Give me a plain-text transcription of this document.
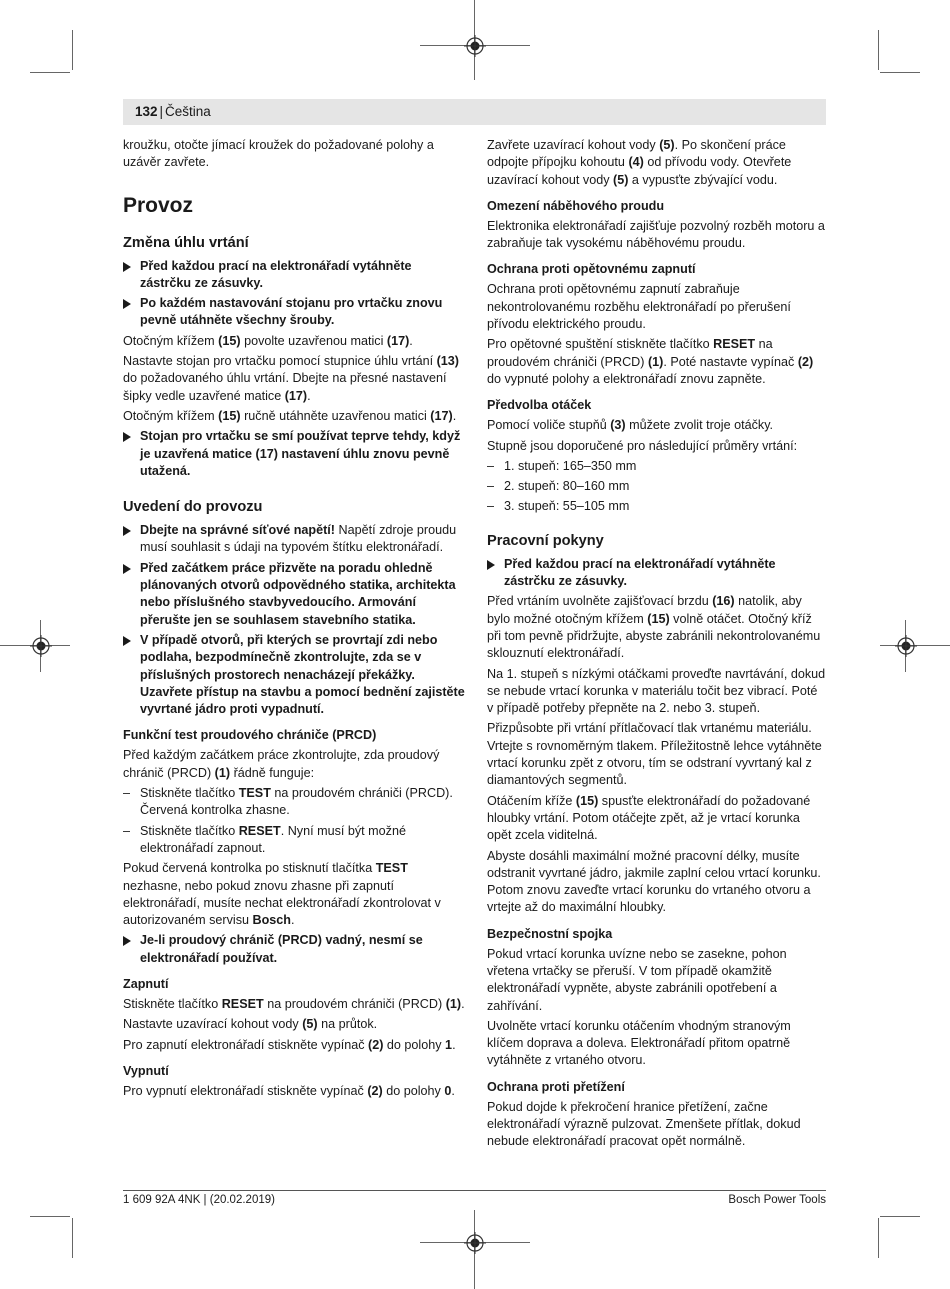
132 | Čeština

kroužku, otočte jímací kroužek do požadované polohy a uzávěr zavřete.

Provoz
Změna úhlu vrtání
Před každou prací na elektronářadí vytáhněte zástrčku ze zásuvky.
Po každém nastavování stojanu pro vrtačku znovu pevně utáhněte všechny šrouby.

Otočným křížem (15) povolte uzavřenou matici (17).

Nastavte stojan pro vrtačku pomocí stupnice úhlu vrtání (13) do požadovaného úhlu vrtání. Dbejte na přesné nastavení šipky vedle uzavřené matice (17).

Otočným křížem (15) ručně utáhněte uzavřenou matici (17).

Stojan pro vrtačku se smí používat teprve tehdy, když je uzavřená matice (17) nastavení úhlu znovu pevně utažená.
Uvedení do provozu
Dbejte na správné síťové napětí! Napětí zdroje proudu musí souhlasit s údaji na typovém štítku elektronářadí.
Před začátkem práce přizvěte na poradu ohledně plánovaných otvorů odpovědného statika, architekta nebo příslušného stavbyvedoucího. Armování přerušte jen se souhlasem stavebního statika.
V případě otvorů, při kterých se provrtají zdi nebo podlaha, bezpodmínečně zkontrolujte, zda se v příslušných prostorech nenacházejí překážky. Uzavřete přístup na stavbu a pomocí bednění zajistěte vyvrtané jádro proti vypadnutí.
Funkční test proudového chrániče (PRCD)

Před každým začátkem práce zkontrolujte, zda proudový chránič (PRCD) (1) řádně funguje:

– Stiskněte tlačítko TEST na proudovém chrániči (PRCD). Červená kontrolka zhasne.
– Stiskněte tlačítko RESET. Nyní musí být možné elektronářadí zapnout.

Pokud červená kontrolka po stisknutí tlačítka TEST nezhasne, nebo pokud znovu zhasne při zapnutí elektronářadí, musíte nechat elektronářadí zkontrolovat v autorizovaném servisu Bosch.

Je-li proudový chránič (PRCD) vadný, nesmí se elektronářadí používat.
Zapnutí

Stiskněte tlačítko RESET na proudovém chrániči (PRCD) (1).

Nastavte uzavírací kohout vody (5) na průtok.

Pro zapnutí elektronářadí stiskněte vypínač (2) do polohy 1.

Vypnutí

Pro vypnutí elektronářadí stiskněte vypínač (2) do polohy 0.

Zavřete uzavírací kohout vody (5). Po skončení práce odpojte přípojku kohoutu (4) od přívodu vody. Otevřete uzavírací kohout vody (5) a vypusťte zbývající vodu.

Omezení náběhového proudu

Elektronika elektronářadí zajišťuje pozvolný rozběh motoru a zabraňuje tak vysokému náběhovému proudu.

Ochrana proti opětovnému zapnutí

Ochrana proti opětovnému zapnutí zabraňuje nekontrolovanému rozběhu elektronářadí po přerušení přívodu elektrického proudu.

Pro opětovné spuštění stiskněte tlačítko RESET na proudovém chrániči (PRCD) (1). Poté nastavte vypínač (2) do vypnuté polohy a elektronářadí znovu zapněte.

Předvolba otáček

Pomocí voliče stupňů (3) můžete zvolit troje otáčky.

Stupně jsou doporučené pro následující průměry vrtání:

– 1. stupeň: 165–350 mm
– 2. stupeň: 80–160 mm
– 3. stupeň: 55–105 mm
Pracovní pokyny
Před každou prací na elektronářadí vytáhněte zástrčku ze zásuvky.

Před vrtáním uvolněte zajišťovací brzdu (16) natolik, aby bylo možné otočným křížem (15) volně otáčet. Otočný kříž při tom pevně přidržujte, abyste zabránili nekontrolovanému sklouznutí elektronářadí.

Na 1. stupeň s nízkými otáčkami proveďte navrtávání, dokud se nebude vrtací korunka v materiálu točit bez vibrací. Poté v případě potřeby přepněte na 2. nebo 3. stupeň.

Přizpůsobte při vrtání přítlačovací tlak vrtanému materiálu. Vrtejte s rovnoměrným tlakem. Příležitostně lehce vytáhněte vrtací korunku zpět z otvoru, tím se odstraní vyvrtaný kal z diamantových segmentů.

Otáčením kříže (15) spusťte elektronářadí do požadované hloubky vrtání. Potom otáčejte zpět, až je vrtací korunka opět zcela viditelná.

Abyste dosáhli maximální možné pracovní délky, musíte odstranit vyvrtané jádro, jakmile zaplní celou vrtací korunku. Potom znovu zaveďte vrtací korunku do vrtaného otvoru a vrtejte až do maximální hloubky.

Bezpečnostní spojka

Pokud vrtací korunka uvízne nebo se zasekne, pohon vřetena vrtačky se přeruší. V tom případě okamžitě elektronářadí vypněte, abyste zabránili opotřebení a zahřívání.

Uvolněte vrtací korunku otáčením vhodným stranovým klíčem doprava a doleva. Elektronářadí přitom opatrně vytáhněte z vrtaného otvoru.

Ochrana proti přetížení

Pokud dojde k překročení hranice přetížení, začne elektronářadí výrazně pulzovat. Zmenšete přítlak, dokud nebude elektronářadí pracovat opět normálně.

1 609 92A 4NK | (20.02.2019)	Bosch Power Tools
